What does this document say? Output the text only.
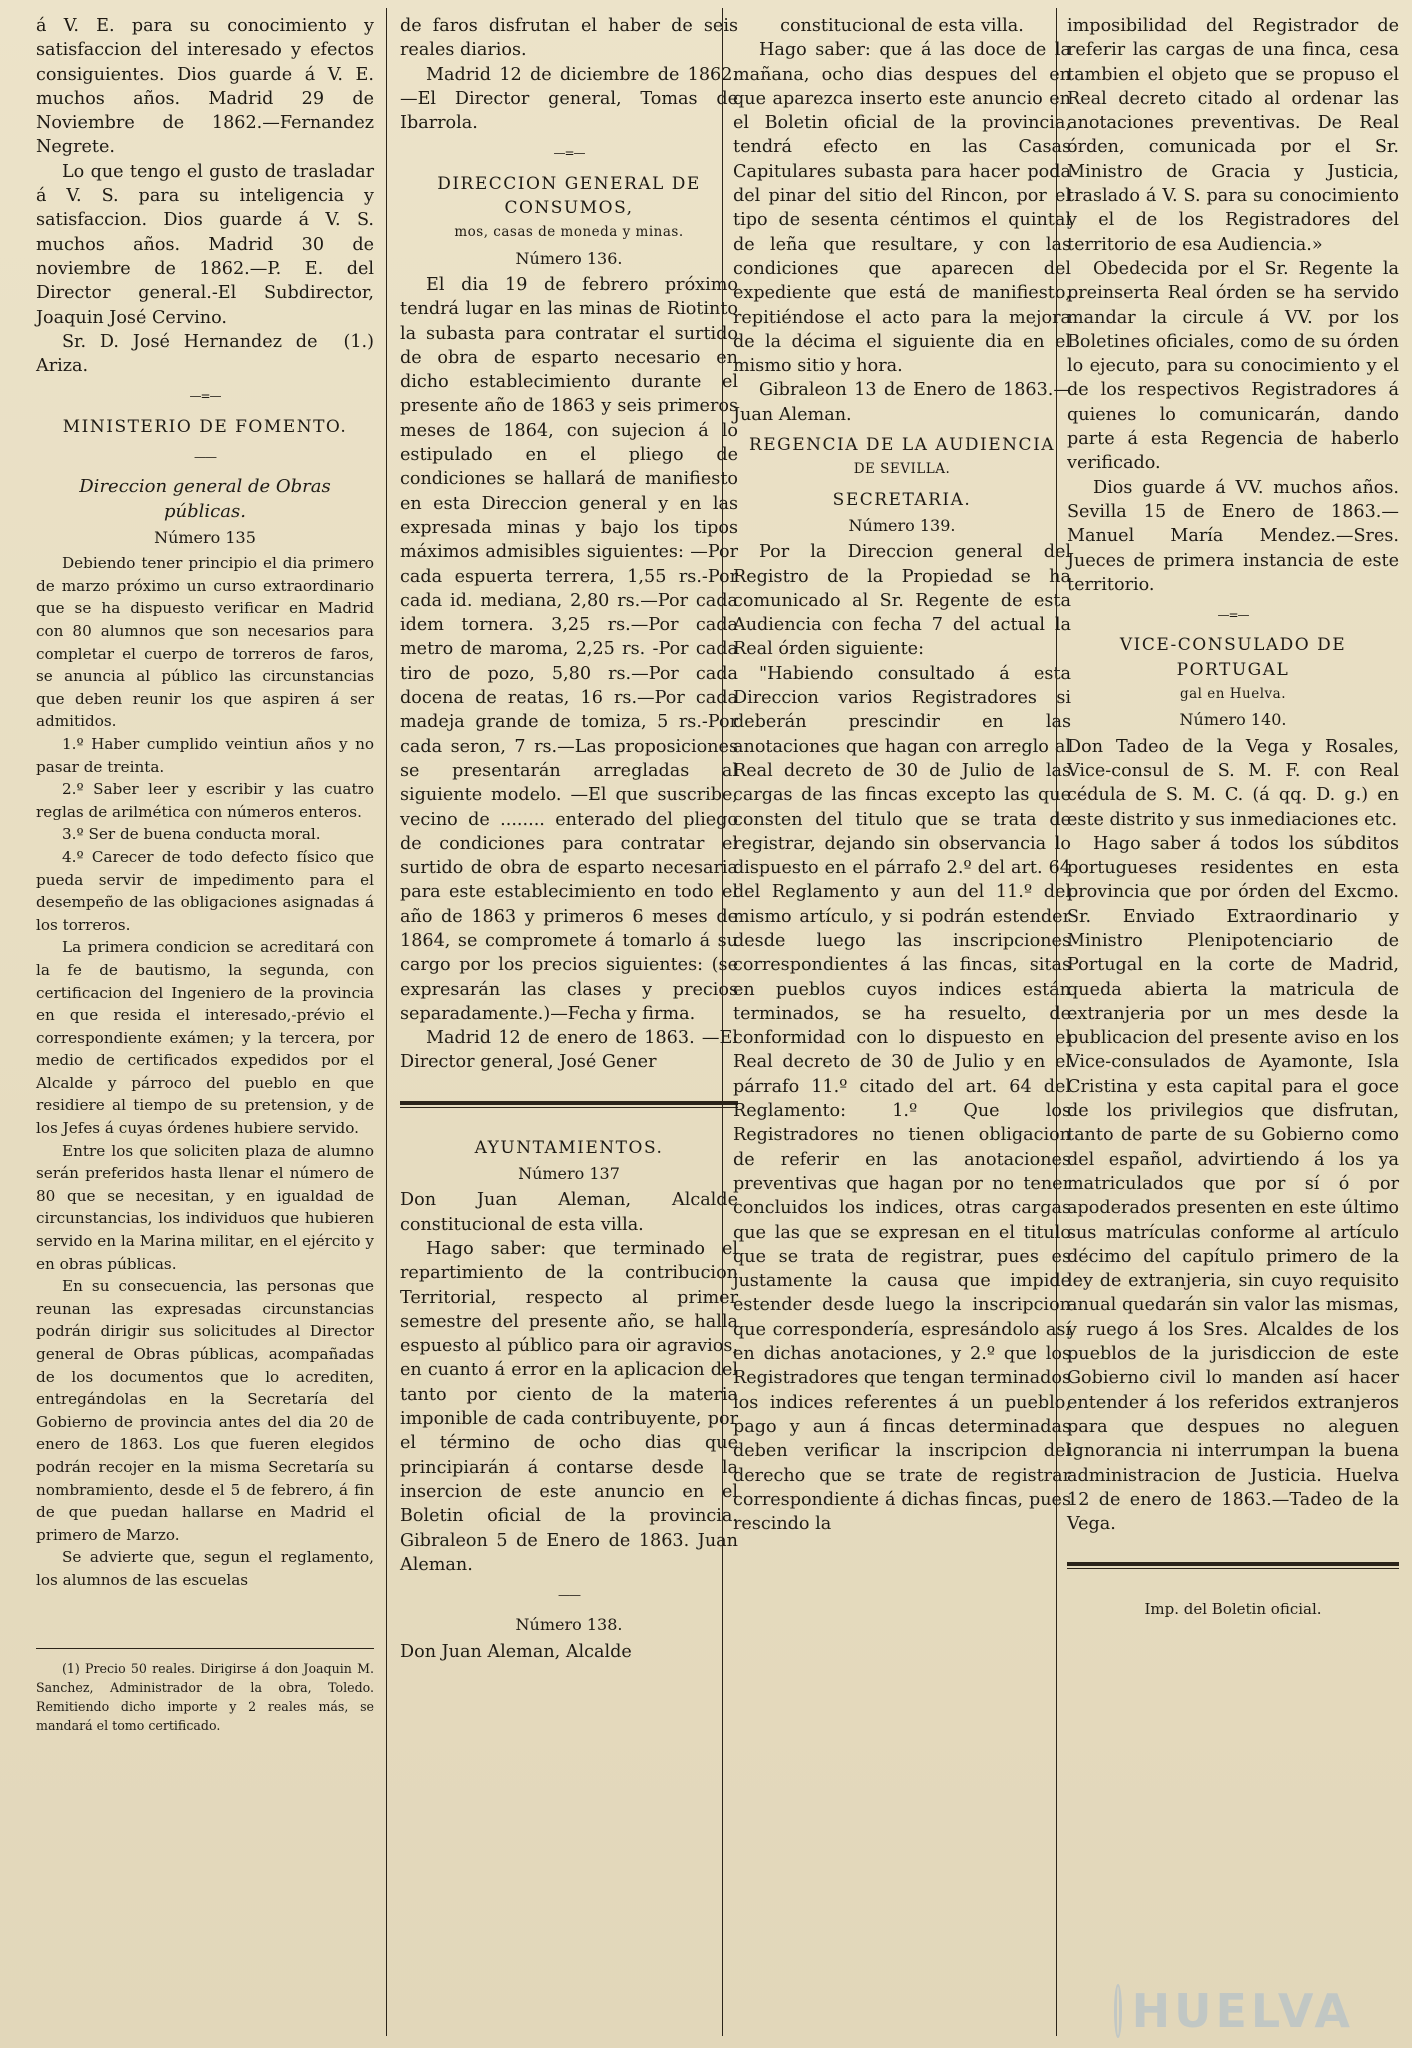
á V. E. para su conocimiento y satisfaccion del interesado y efectos consiguientes. Dios guarde á V. E. muchos años. Madrid 29 de Noviembre de 1862.—Fernandez Negrete.

Lo que tengo el gusto de trasladar á V. S. para su inteligencia y satisfaccion. Dios guarde á V. S. muchos años. Madrid 30 de noviembre de 1862.—P. E. del Director general.-El Subdirector, Joaquin José Cervino.

Sr. D. José Hernandez de Ariza.
(1.)

—=—

MINISTERIO DE FOMENTO.

——

Direccion general de Obras públicas.

Número 135

Debiendo tener principio el dia primero de marzo próximo un curso extraordinario que se ha dispuesto verificar en Madrid con 80 alumnos que son necesarios para completar el cuerpo de torreros de faros, se anuncia al público las circunstancias que deben reunir los que aspiren á ser admitidos.

1.º Haber cumplido veintiun años y no pasar de treinta.

2.º Saber leer y escribir y las cuatro reglas de arilmética con números enteros.

3.º Ser de buena conducta moral.

4.º Carecer de todo defecto físico que pueda servir de impedimento para el desempeño de las obligaciones asignadas á los torreros.

La primera condicion se acreditará con la fe de bautismo, la segunda, con certificacion del Ingeniero de la provincia en que resida el interesado,-prévio el correspondiente exámen; y la tercera, por medio de certificados expedidos por el Alcalde y párroco del pueblo en que residiere al tiempo de su pretension, y de los Jefes á cuyas órdenes hubiere servido.

Entre los que soliciten plaza de alumno serán preferidos hasta llenar el número de 80 que se necesitan, y en igualdad de circunstancias, los individuos que hubieren servido en la Marina militar, en el ejército y en obras públicas.

En su consecuencia, las personas que reunan las expresadas circunstancias podrán dirigir sus solicitudes al Director general de Obras públicas, acompañadas de los documentos que lo acrediten, entregándolas en la Secretaría del Gobierno de provincia antes del dia 20 de enero de 1863. Los que fueren elegidos podrán recojer en la misma Secretaría su nombramiento, desde el 5 de febrero, á fin de que puedan hallarse en Madrid el primero de Marzo.

Se advierte que, segun el reglamento, los alumnos de las escuelas

(1) Precio 50 reales. Dirigirse á don Joaquin M. Sanchez, Administrador de la obra, Toledo. Remitiendo dicho importe y 2 reales más, se mandará el tomo certificado.

de faros disfrutan el haber de seis reales diarios.

Madrid 12 de diciembre de 1862. —El Director general, Tomas de Ibarrola.

—=—

DIRECCION GENERAL DE CONSUMOS,
mos, casas de moneda y minas.

Número 136.

El dia 19 de febrero próximo tendrá lugar en las minas de Riotinto la subasta para contratar el surtido de obra de esparto necesario en dicho establecimiento durante el presente año de 1863 y seis primeros meses de 1864, con sujecion á lo estipulado en el pliego de condiciones se hallará de manifiesto en esta Direccion general y en las expresada minas y bajo los tipos máximos admisibles siguientes: —Por cada espuerta terrera, 1,55 rs.-Por cada id. mediana, 2,80 rs.—Por cada idem tornera. 3,25 rs.—Por cada metro de maroma, 2,25 rs. -Por cada tiro de pozo, 5,80 rs.—Por cada docena de reatas, 16 rs.—Por cada madeja grande de tomiza, 5 rs.-Por cada seron, 7 rs.—Las proposiciones se presentarán arregladas al siguiente modelo. —El que suscribe, vecino de ........ enterado del pliego de condiciones para contratar el surtido de obra de esparto necesaria para este establecimiento en todo el año de 1863 y primeros 6 meses de 1864, se compromete á tomarlo á su cargo por los precios siguientes: (se expresarán las clases y precios separadamente.)—Fecha y firma.

Madrid 12 de enero de 1863. —El Director general, José Gener

AYUNTAMIENTOS.

Número 137

Don Juan Aleman, Alcalde constitucional de esta villa.

Hago saber: que terminado el repartimiento de la contribucion Territorial, respecto al primer semestre del presente año, se halla espuesto al público para oir agravios, en cuanto á error en la aplicacion del tanto por ciento de la materia imponible de cada contribuyente, por el término de ocho dias que principiarán á contarse desde la insercion de este anuncio en el Boletin oficial de la provincia. Gibraleon 5 de Enero de 1863. Juan Aleman.

——

Número 138.

Don Juan Aleman, Alcalde

constitucional de esta villa.

Hago saber: que á las doce de la mañana, ocho dias despues del en que aparezca inserto este anuncio en el Boletin oficial de la provincia, tendrá efecto en las Casas Capitulares subasta para hacer poda del pinar del sitio del Rincon, por el tipo de sesenta céntimos el quintal de leña que resultare, y con las condiciones que aparecen del expediente que está de manifiesto, repitiéndose el acto para la mejora de la décima el siguiente dia en el mismo sitio y hora.

Gibraleon 13 de Enero de 1863.—Juan Aleman.

REGENCIA DE LA AUDIENCIA
DE SEVILLA.

SECRETARIA.

Número 139.

Por la Direccion general del Registro de la Propiedad se ha comunicado al Sr. Regente de esta Audiencia con fecha 7 del actual la Real órden siguiente:

"Habiendo consultado á esta Direccion varios Registradores si deberán prescindir en las anotaciones que hagan con arreglo al Real decreto de 30 de Julio de las cargas de las fincas excepto las que consten del titulo que se trata de registrar, dejando sin observancia lo dispuesto en el párrafo 2.º del art. 64 del Reglamento y aun del 11.º del mismo artículo, y si podrán estender desde luego las inscripciones correspondientes á las fincas, sitas en pueblos cuyos indices están terminados, se ha resuelto, de conformidad con lo dispuesto en el Real decreto de 30 de Julio y en el párrafo 11.º citado del art. 64 del Reglamento: 1.º Que los Registradores no tienen obligacion de referir en las anotaciones preventivas que hagan por no tener concluidos los indices, otras cargas que las que se expresan en el titulo que se trata de registrar, pues es justamente la causa que impide estender desde luego la inscripcion que correspondería, espresándolo así en dichas anotaciones, y 2.º que los Registradores que tengan terminados los indices referentes á un pueblo, pago y aun á fincas determinadas deben verificar la inscripcion del derecho que se trate de registrar correspondiente á dichas fincas, pues rescindo la

imposibilidad del Registrador de referir las cargas de una finca, cesa tambien el objeto que se propuso el Real decreto citado al ordenar las anotaciones preventivas. De Real órden, comunicada por el Sr. Ministro de Gracia y Justicia, traslado á V. S. para su conocimiento y el de los Registradores del territorio de esa Audiencia.»

Obedecida por el Sr. Regente la preinserta Real órden se ha servido mandar la circule á VV. por los Boletines oficiales, como de su órden lo ejecuto, para su conocimiento y el de los respectivos Registradores á quienes lo comunicarán, dando parte á esta Regencia de haberlo verificado.

Dios guarde á VV. muchos años. Sevilla 15 de Enero de 1863.—Manuel María Mendez.—Sres. Jueces de primera instancia de este territorio.

—=—

VICE-CONSULADO DE PORTUGAL
gal en Huelva.

Número 140.

Don Tadeo de la Vega y Rosales, Vice-consul de S. M. F. con Real cédula de S. M. C. (á qq. D. g.) en este distrito y sus inmediaciones etc.

Hago saber á todos los súbditos portugueses residentes en esta provincia que por órden del Excmo. Sr. Enviado Extraordinario y Ministro Plenipotenciario de Portugal en la corte de Madrid, queda abierta la matricula de extranjeria por un mes desde la publicacion del presente aviso en los Vice-consulados de Ayamonte, Isla Cristina y esta capital para el goce de los privilegios que disfrutan, tanto de parte de su Gobierno como del español, advirtiendo á los ya matriculados que por sí ó por apoderados presenten en este último sus matrículas conforme al artículo décimo del capítulo primero de la ley de extranjeria, sin cuyo requisito anual quedarán sin valor las mismas, y ruego á los Sres. Alcaldes de los pueblos de la jurisdiccion de este Gobierno civil lo manden así hacer entender á los referidos extranjeros para que despues no aleguen ignorancia ni interrumpan la buena administracion de Justicia. Huelva 12 de enero de 1863.—Tadeo de la Vega.

Imp. del Boletin oficial.

HUELVA
